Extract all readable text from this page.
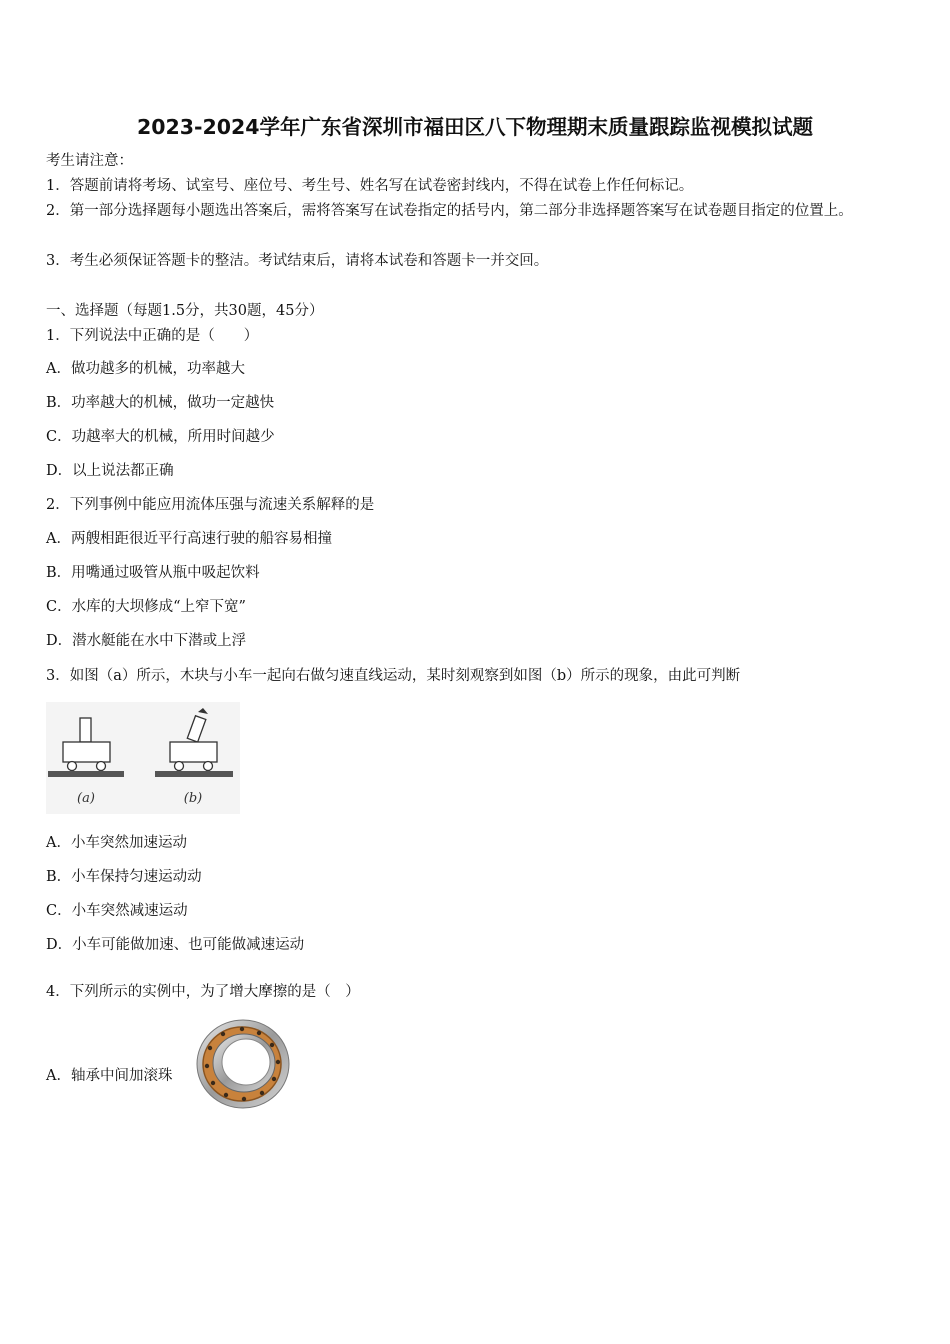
2023-2024学年广东省深圳市福田区八下物理期末质量跟踪监视模拟试题
考生请注意：
1．答题前请将考场、试室号、座位号、考生号、姓名写在试卷密封线内，不得在试卷上作任何标记。
2．第一部分选择题每小题选出答案后，需将答案写在试卷指定的括号内，第二部分非选择题答案写在试卷题目指定的位置上。
3．考生必须保证答题卡的整洁。考试结束后，请将本试卷和答题卡一并交回。
一、选择题（每题1.5分，共30题，45分）
1．下列说法中正确的是（　　）
A．做功越多的机械，功率越大
B．功率越大的机械，做功一定越快
C．功越率大的机械，所用时间越少
D．以上说法都正确
2．下列事例中能应用流体压强与流速关系解释的是
A．两艘相距很近平行高速行驶的船容易相撞
B．用嘴通过吸管从瓶中吸起饮料
C．水库的大坝修成“上窄下宽”
D．潜水艇能在水中下潜或上浮
3．如图（a）所示，木块与小车一起向右做匀速直线运动，某时刻观察到如图（b）所示的现象，由此可判断
(a)	(b)
A．小车突然加速运动
B．小车保持匀速运动动
C．小车突然减速运动
D．小车可能做加速、也可能做减速运动
4．下列所示的实例中，为了增大摩擦的是（　）
A．轴承中间加滚珠
